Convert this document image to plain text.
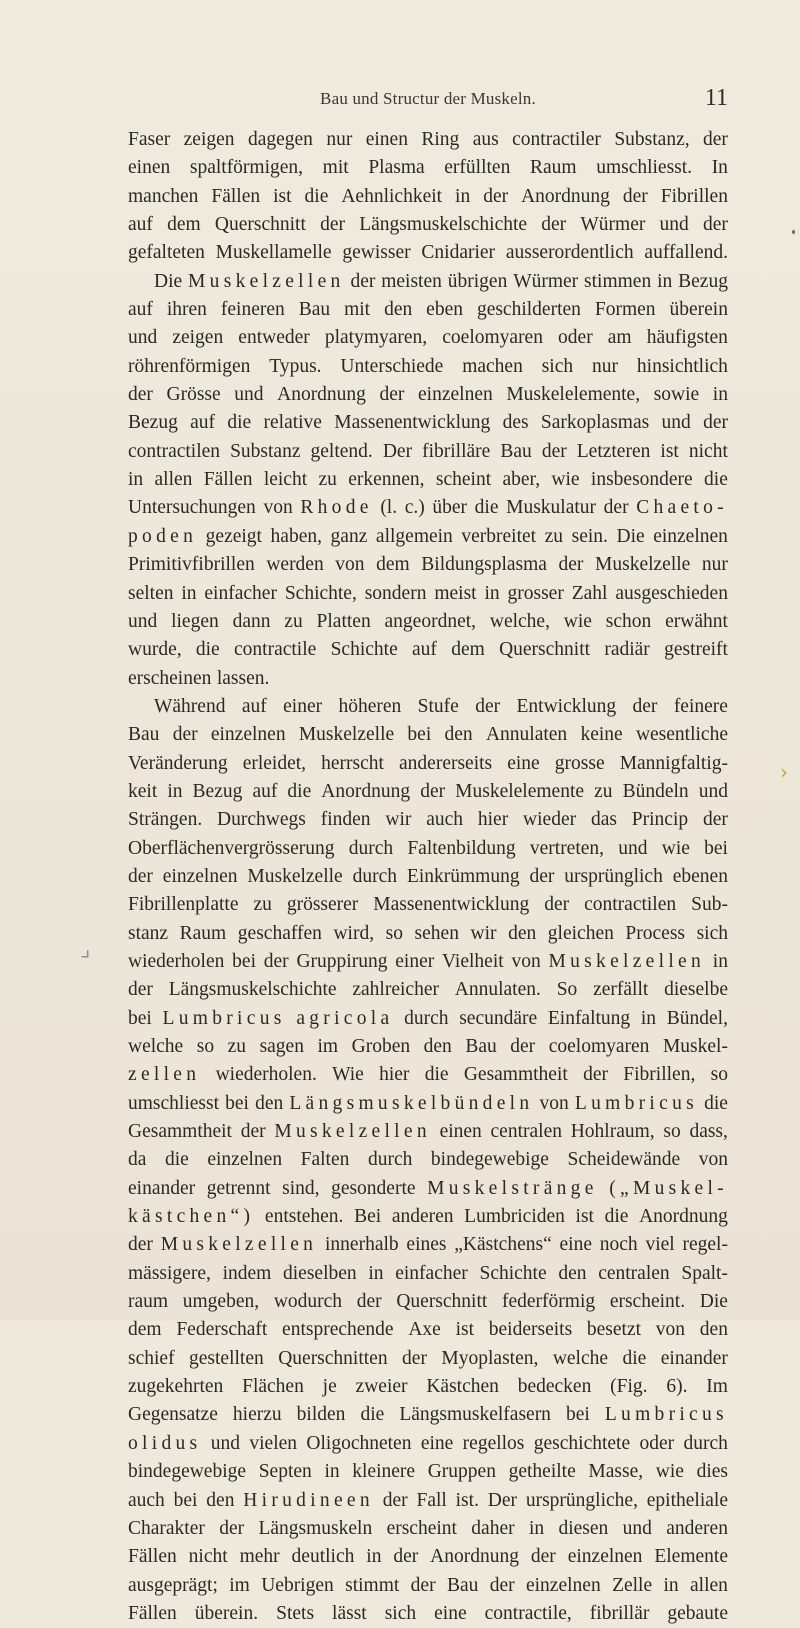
Bau und Structur der Muskeln.	11
Faser zeigen dagegen nur einen Ring aus contractiler Substanz, der
einen spaltförmigen, mit Plasma erfüllten Raum umschliesst. In
manchen Fällen ist die Aehnlichkeit in der Anordnung der Fibrillen
auf dem Querschnitt der Längsmuskelschichte der Würmer und der
gefalteten Muskellamelle gewisser Cnidarier ausserordentlich auffallend.
Die Muskelzellen der meisten übrigen Würmer stimmen in Bezug
auf ihren feineren Bau mit den eben geschilderten Formen überein
und zeigen entweder platymyaren, coelomyaren oder am häufigsten
röhrenförmigen Typus. Unterschiede machen sich nur hinsichtlich
der Grösse und Anordnung der einzelnen Muskelelemente, sowie in
Bezug auf die relative Massenentwicklung des Sarkoplasmas und der
contractilen Substanz geltend. Der fibrilläre Bau der Letzteren ist nicht
in allen Fällen leicht zu erkennen, scheint aber, wie insbesondere die
Untersuchungen von Rhode (l. c.) über die Muskulatur der Chaeto-
poden gezeigt haben, ganz allgemein verbreitet zu sein. Die einzelnen
Primitivfibrillen werden von dem Bildungsplasma der Muskelzelle nur
selten in einfacher Schichte, sondern meist in grosser Zahl ausgeschieden
und liegen dann zu Platten angeordnet, welche, wie schon erwähnt
wurde, die contractile Schichte auf dem Querschnitt radiär gestreift
erscheinen lassen.
Während auf einer höheren Stufe der Entwicklung der feinere
Bau der einzelnen Muskelzelle bei den Annulaten keine wesentliche
Veränderung erleidet, herrscht andererseits eine grosse Mannigfaltig-
keit in Bezug auf die Anordnung der Muskelelemente zu Bündeln und
Strängen. Durchwegs finden wir auch hier wieder das Princip der
Oberflächenvergrösserung durch Faltenbildung vertreten, und wie bei
der einzelnen Muskelzelle durch Einkrümmung der ursprünglich ebenen
Fibrillenplatte zu grösserer Massenentwicklung der contractilen Sub-
stanz Raum geschaffen wird, so sehen wir den gleichen Process sich
wiederholen bei der Gruppirung einer Vielheit von Muskelzellen in
der Längsmuskelschichte zahlreicher Annulaten. So zerfällt dieselbe
bei Lumbricus agricola durch secundäre Einfaltung in Bündel,
welche so zu sagen im Groben den Bau der coelomyaren Muskel-
zellen wiederholen. Wie hier die Gesammtheit der Fibrillen, so
umschliesst bei den Längsmuskelbündeln von Lumbricus die
Gesammtheit der Muskelzellen einen centralen Hohlraum, so dass,
da die einzelnen Falten durch bindegewebige Scheidewände von
einander getrennt sind, gesonderte Muskelstränge („Muskel-
kästchen“) entstehen. Bei anderen Lumbriciden ist die Anordnung
der Muskelzellen innerhalb eines „Kästchens“ eine noch viel regel-
mässigere, indem dieselben in einfacher Schichte den centralen Spalt-
raum umgeben, wodurch der Querschnitt federförmig erscheint. Die
dem Federschaft entsprechende Axe ist beiderseits besetzt von den
schief gestellten Querschnitten der Myoplasten, welche die einander
zugekehrten Flächen je zweier Kästchen bedecken (Fig. 6). Im
Gegensatze hierzu bilden die Längsmuskelfasern bei Lumbricus
olidus und vielen Oligochneten eine regellos geschichtete oder durch
bindegewebige Septen in kleinere Gruppen getheilte Masse, wie dies
auch bei den Hirudineen der Fall ist. Der ursprüngliche, epitheliale
Charakter der Längsmuskeln erscheint daher in diesen und anderen
Fällen nicht mehr deutlich in der Anordnung der einzelnen Elemente
ausgeprägt; im Uebrigen stimmt der Bau der einzelnen Zelle in allen
Fällen überein. Stets lässt sich eine contractile, fibrillär gebaute
›
⌟
